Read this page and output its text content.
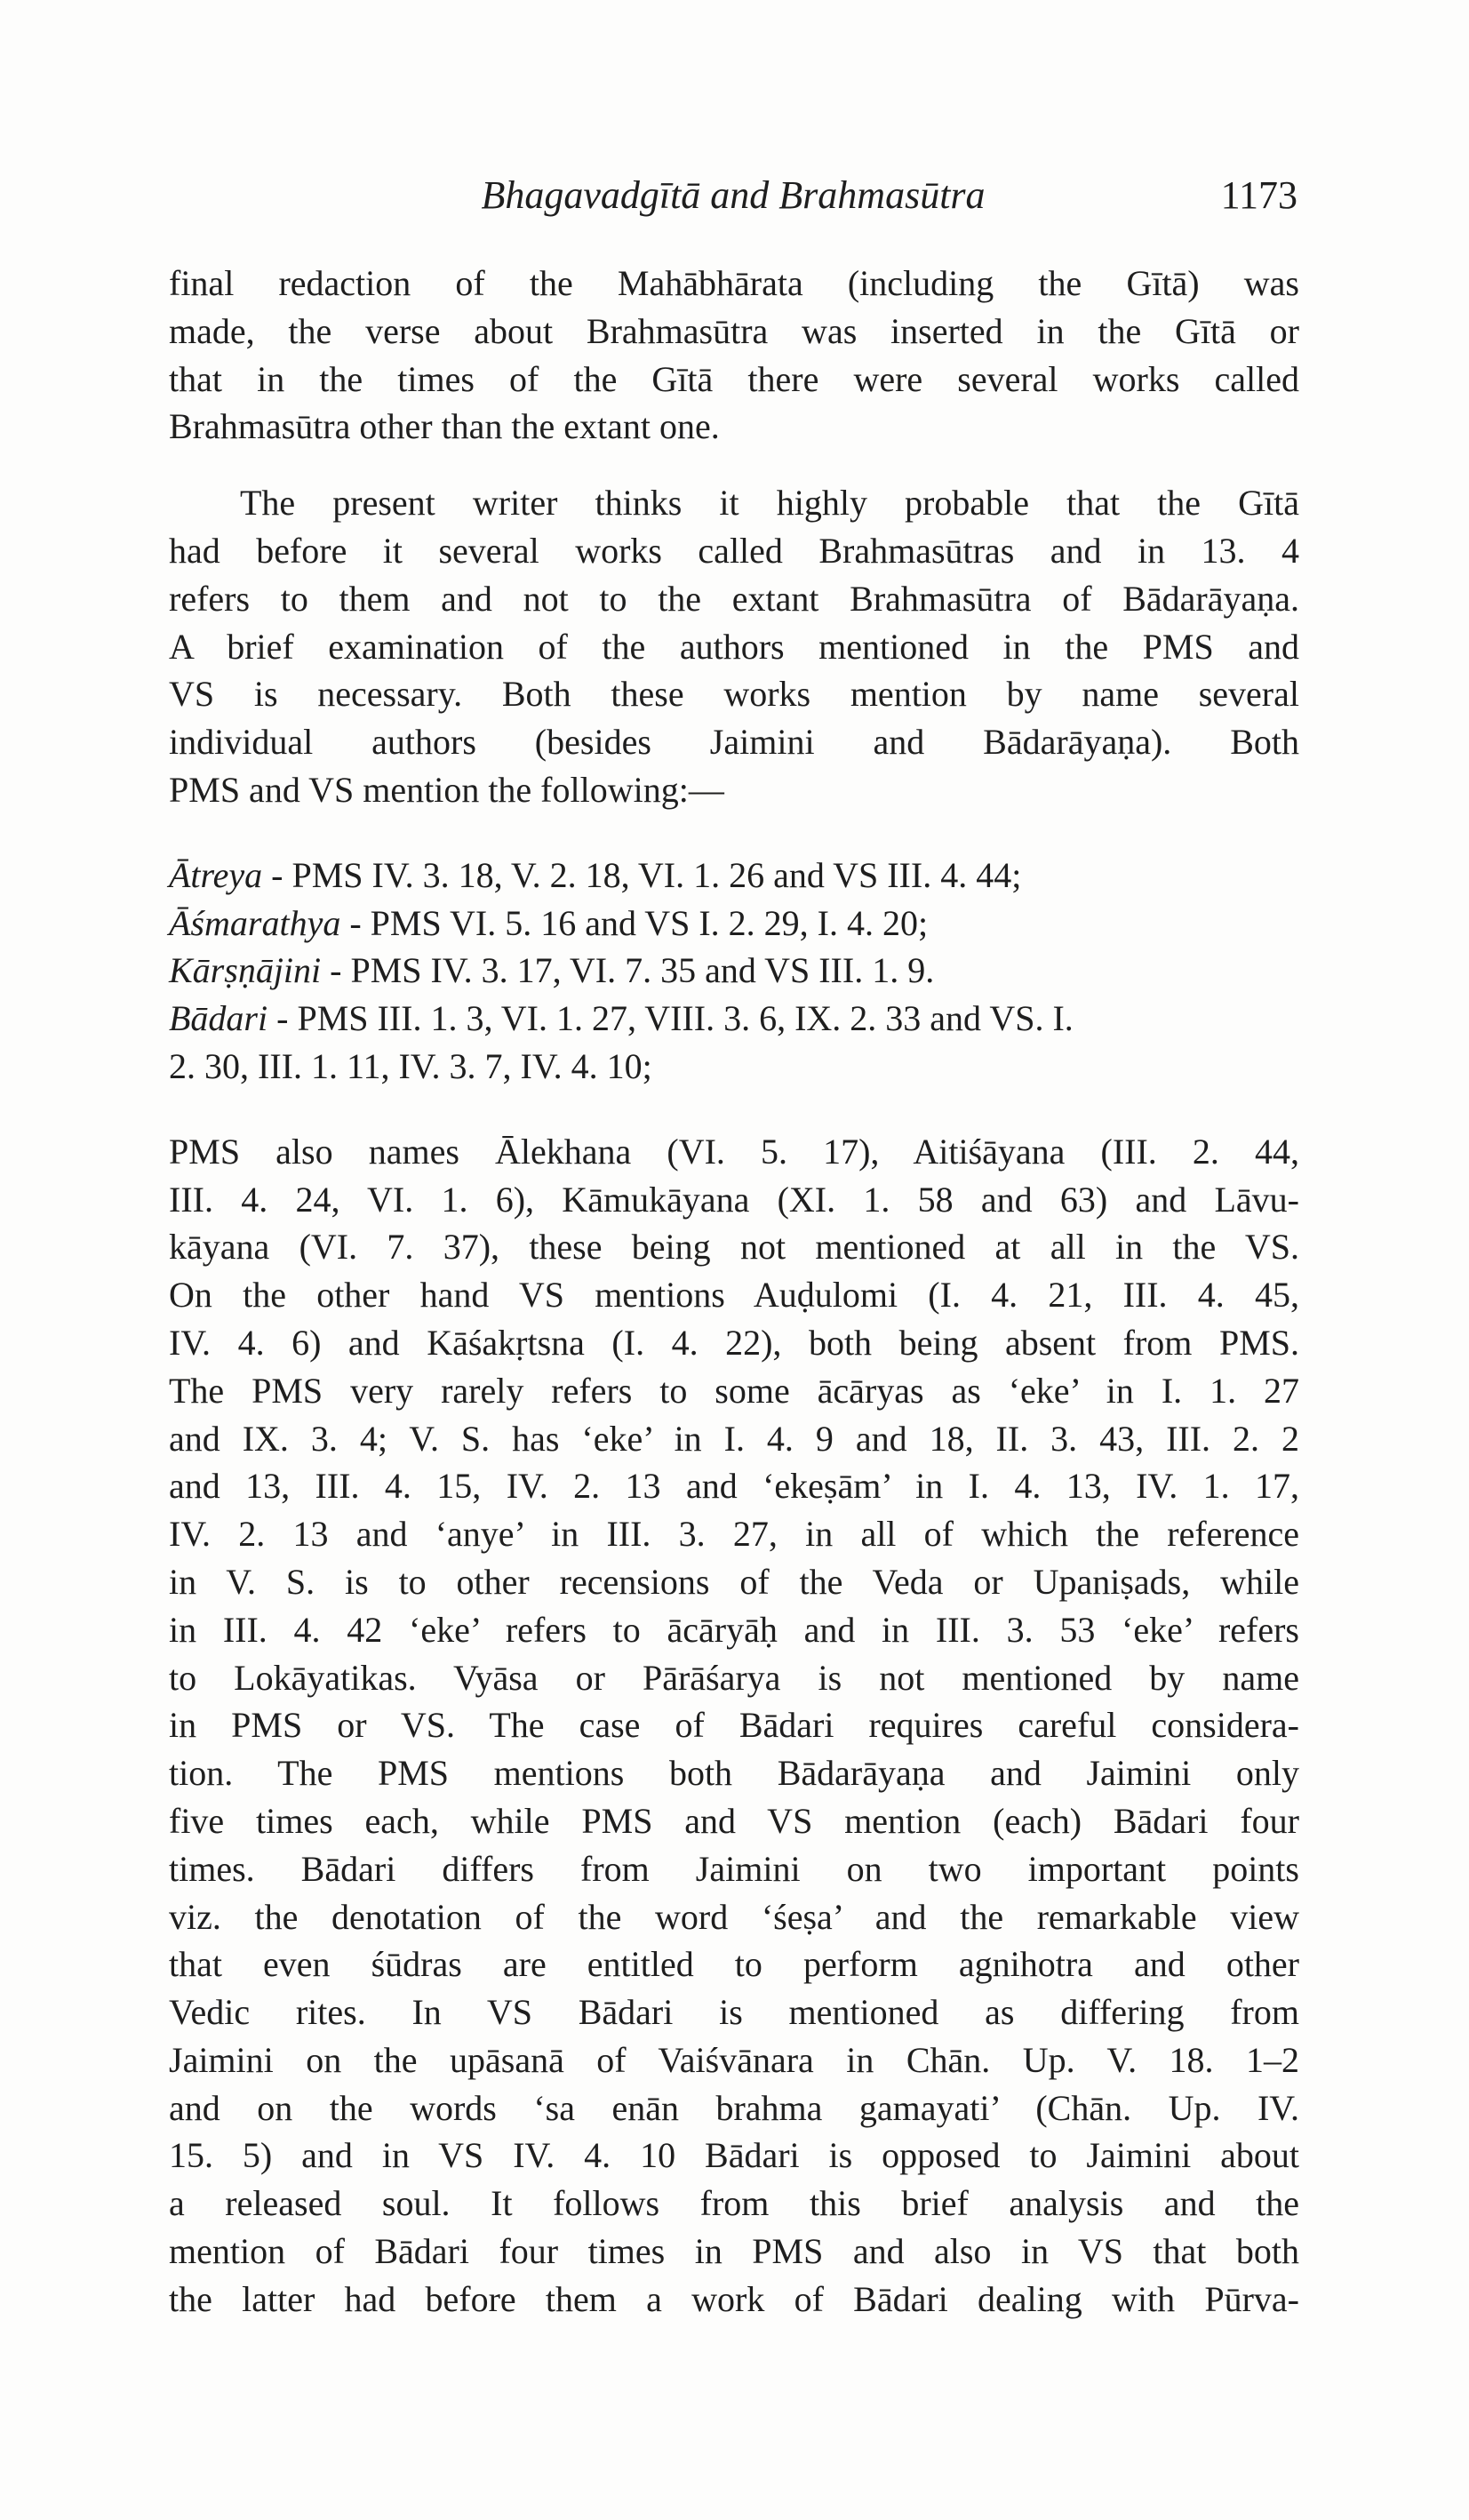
Bhagavadgītā and Brahmasūtra	1173
final redaction of the Mahābhārata (including the Gītā) was
made, the verse about Brahmasūtra was inserted in the Gītā or
that in the times of the Gītā there were several works called
Brahmasūtra other than the extant one.
The present writer thinks it highly probable that the Gītā
had before it several works called Brahmasūtras and in 13. 4
refers to them and not to the extant Brahmasūtra of Bādarāyaṇa.
A brief examination of the authors mentioned in the PMS and
VS is necessary. Both these works mention by name several
individual authors (besides Jaimini and Bādarāyaṇa). Both
PMS and VS mention the following:—
Ātreya - PMS IV. 3. 18, V. 2. 18, VI. 1. 26 and VS III. 4. 44;
Āśmarathya - PMS VI. 5. 16 and VS I. 2. 29, I. 4. 20;
Kārṣṇājini - PMS IV. 3. 17, VI. 7. 35 and VS III. 1. 9.
Bādari - PMS III. 1. 3, VI. 1. 27, VIII. 3. 6, IX. 2. 33 and VS. I.
2. 30, III. 1. 11, IV. 3. 7, IV. 4. 10;
PMS also names Ālekhana (VI. 5. 17), Aitiśāyana (III. 2. 44,
III. 4. 24, VI. 1. 6), Kāmukāyana (XI. 1. 58 and 63) and Lāvu-
kāyana (VI. 7. 37), these being not mentioned at all in the VS.
On the other hand VS mentions Auḍulomi (I. 4. 21, III. 4. 45,
IV. 4. 6) and Kāśakṛtsna (I. 4. 22), both being absent from PMS.
The PMS very rarely refers to some ācāryas as ‘eke’ in I. 1. 27
and IX. 3. 4; V. S. has ‘eke’ in I. 4. 9 and 18, II. 3. 43, III. 2. 2
and 13, III. 4. 15, IV. 2. 13 and ‘ekeṣām’ in I. 4. 13, IV. 1. 17,
IV. 2. 13 and ‘anye’ in III. 3. 27, in all of which the reference
in V. S. is to other recensions of the Veda or Upaniṣads, while
in III. 4. 42 ‘eke’ refers to ācāryāḥ and in III. 3. 53 ‘eke’ refers
to Lokāyatikas. Vyāsa or Pārāśarya is not mentioned by name
in PMS or VS. The case of Bādari requires careful considera-
tion. The PMS mentions both Bādarāyaṇa and Jaimini only
five times each, while PMS and VS mention (each) Bādari four
times. Bādari differs from Jaimini on two important points
viz. the denotation of the word ‘śeṣa’ and the remarkable view
that even śūdras are entitled to perform agnihotra and other
Vedic rites. In VS Bādari is mentioned as differing from
Jaimini on the upāsanā of Vaiśvānara in Chān. Up. V. 18. 1–2
and on the words ‘sa enān brahma gamayati’ (Chān. Up. IV.
15. 5) and in VS IV. 4. 10 Bādari is opposed to Jaimini about
a released soul. It follows from this brief analysis and the
mention of Bādari four times in PMS and also in VS that both
the latter had before them a work of Bādari dealing with Pūrva-
